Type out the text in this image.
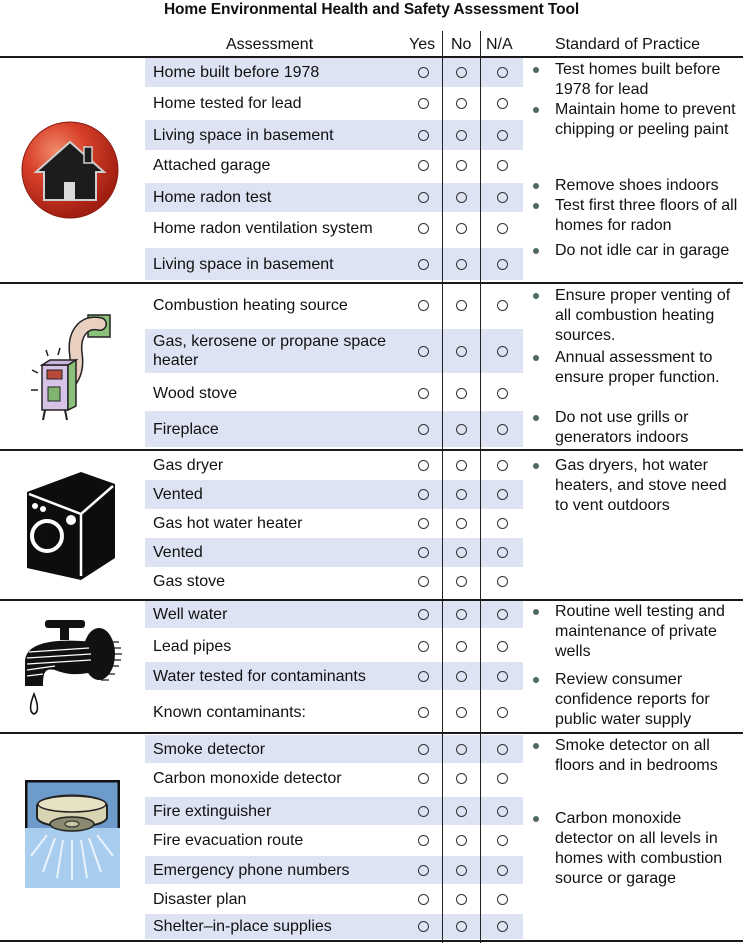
Home Environmental Health and Safety Assessment Tool
Assessment	Yes No N/A	Standard of Practice
Home built before 1978
Home tested for lead
Living space in basement
Attached garage
Home radon test
Home radon ventilation system
Living space in basement
Test homes built before 1978 for lead
Maintain home to prevent chipping or peeling paint
Remove shoes indoors
Test first three floors of all homes for radon
Do not idle car in garage
Combustion heating source
Gas, kerosene or propane space heater
Wood stove
Fireplace
Ensure proper venting of all combustion heating sources.
Annual assessment to ensure proper function.
Do not use grills or generators indoors
Gas dryer
Vented
Gas hot water heater
Vented
Gas stove
Gas dryers, hot water heaters, and stove need to vent outdoors
Well water
Lead pipes
Water tested for contaminants
Known contaminants:
Routine well testing and maintenance of private wells
Review consumer confidence reports for public water supply
Smoke detector
Carbon monoxide detector
Fire extinguisher
Fire evacuation route
Emergency phone numbers
Disaster plan
Shelter–in-place supplies
Smoke detector on all floors and in bedrooms
Carbon monoxide detector on all levels in homes with combustion source or garage
